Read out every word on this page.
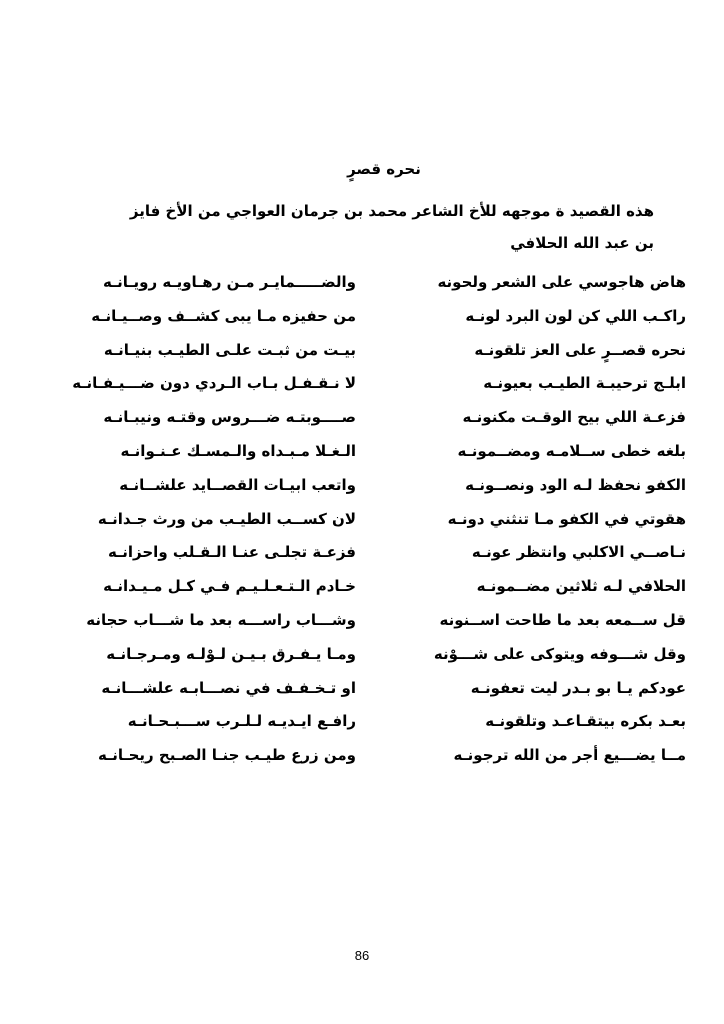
نحره قصرٍ
هذه القصيد ة موجهه للأخ الشاعر محمد بن جرمان العواجي من الأخ فايز
بن عبد الله الحلافي
هاض هاجوسي على الشعر ولحونه
والضـــــمايـر مـن رهـاويـه رويـانـه
راكـب اللي كن لون البرد لونـه
من حفيزه مـا يبى كشــف وصــيـانـه
نحره قصــرٍ على العز تلقونـه
بيـت من ثبـت علـى الطيـب بنيـانـه
ابلـج ترحيبـة الطيـب بعيونـه
لا نـقـفـل بـاب الـردي دون ضـــيـفـانـه
فزعـة اللي بيح الوقـت مكنونـه
صــــوبتـه ضـــروس وقتـه ونيبـانـه
بلغه خطى ســلامـه ومضــمونـه
الـغـلا مـبـداه والـمسـك عـنـوانـه
الكفو نحفظ لـه الود ونصــونـه
واتعب ابيـات القصــايد علشــانـه
هقوتي في الكفو مـا تنثني دونـه
لان كســب الطيـب من ورث جـدانـه
نـاصــي الاكلبي وانتظر عونـه
فزعـة تجلـى عنـا الـقـلب واحزانـه
الحلافي لـه ثلاثين مضــمونـه
خـادم الـتـعـلـيـم فـي كـل مـيـدانـه
قل ســمعه بعد ما طاحت اســنونه
وشـــاب راســـه بعد ما شـــاب حجانه
وقل شـــوفه ويتوكى على شـــوْنه
ومـا يـفـرق بـيـن لـوْلـه ومـرجـانـه
عودكم يـا بو بـدر ليت تعفونـه
او تـخـفـف في نصـــابـه علشـــانـه
بعـد بكره بيتقـاعـد وتلقونـه
رافـع ايـديـه لـلـرب ســـبـحـانـه
مــا يضـــيع أجر من الله ترجونـه
ومن زرع طيـب جنـا الصـبح ريحـانـه
86
